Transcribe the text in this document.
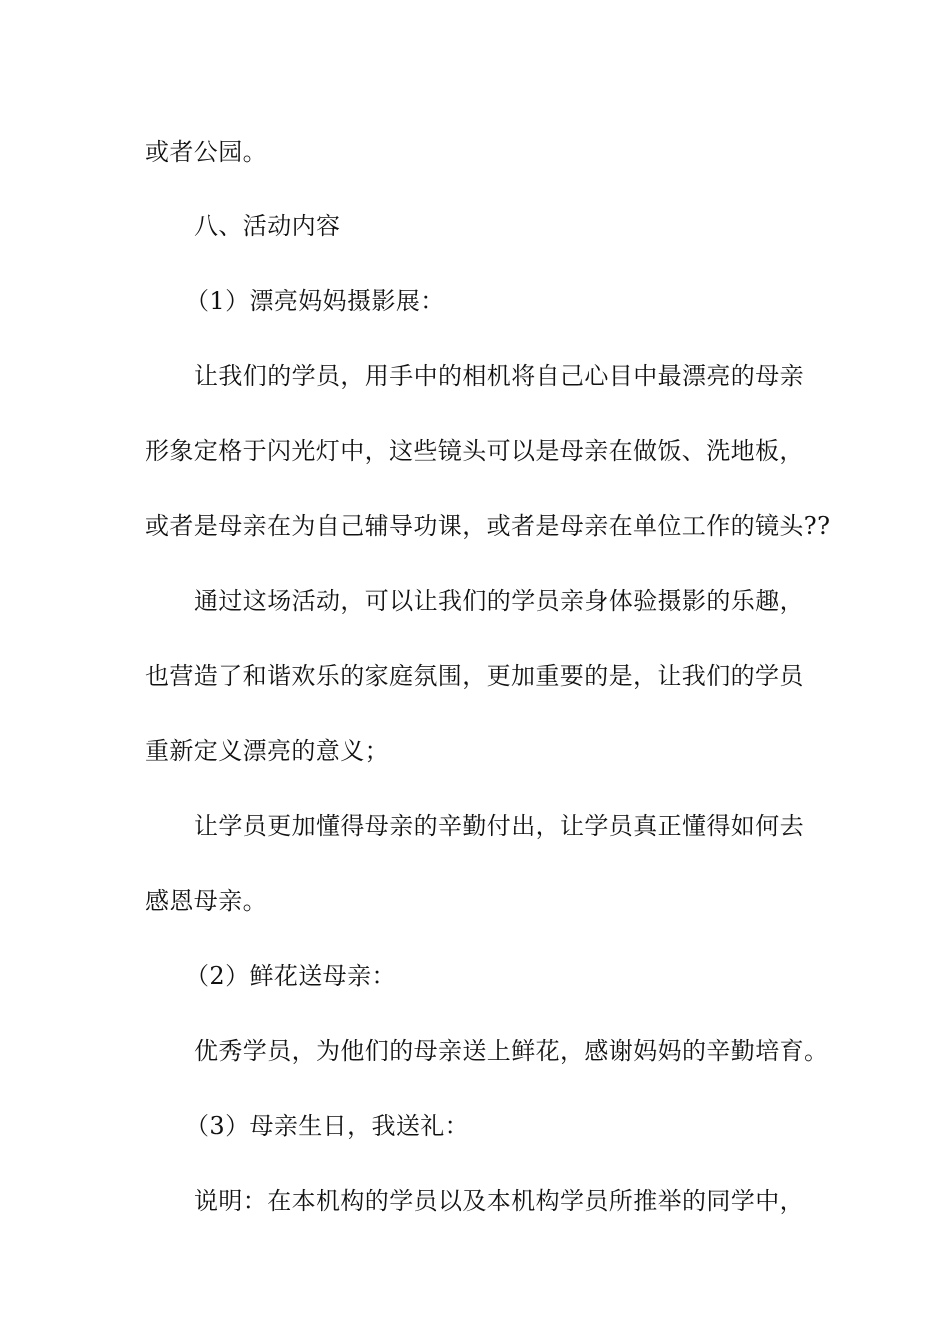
或者公园。
八、活动内容
（1）漂亮妈妈摄影展：
让我们的学员，用手中的相机将自己心目中最漂亮的母亲
形象定格于闪光灯中，这些镜头可以是母亲在做饭、洗地板，
或者是母亲在为自己辅导功课，或者是母亲在单位工作的镜头??
通过这场活动，可以让我们的学员亲身体验摄影的乐趣，
也营造了和谐欢乐的家庭氛围，更加重要的是，让我们的学员
重新定义漂亮的意义；
让学员更加懂得母亲的辛勤付出，让学员真正懂得如何去
感恩母亲。
（2）鲜花送母亲：
优秀学员，为他们的母亲送上鲜花，感谢妈妈的辛勤培育。
（3）母亲生日，我送礼：
说明：在本机构的学员以及本机构学员所推举的同学中，
